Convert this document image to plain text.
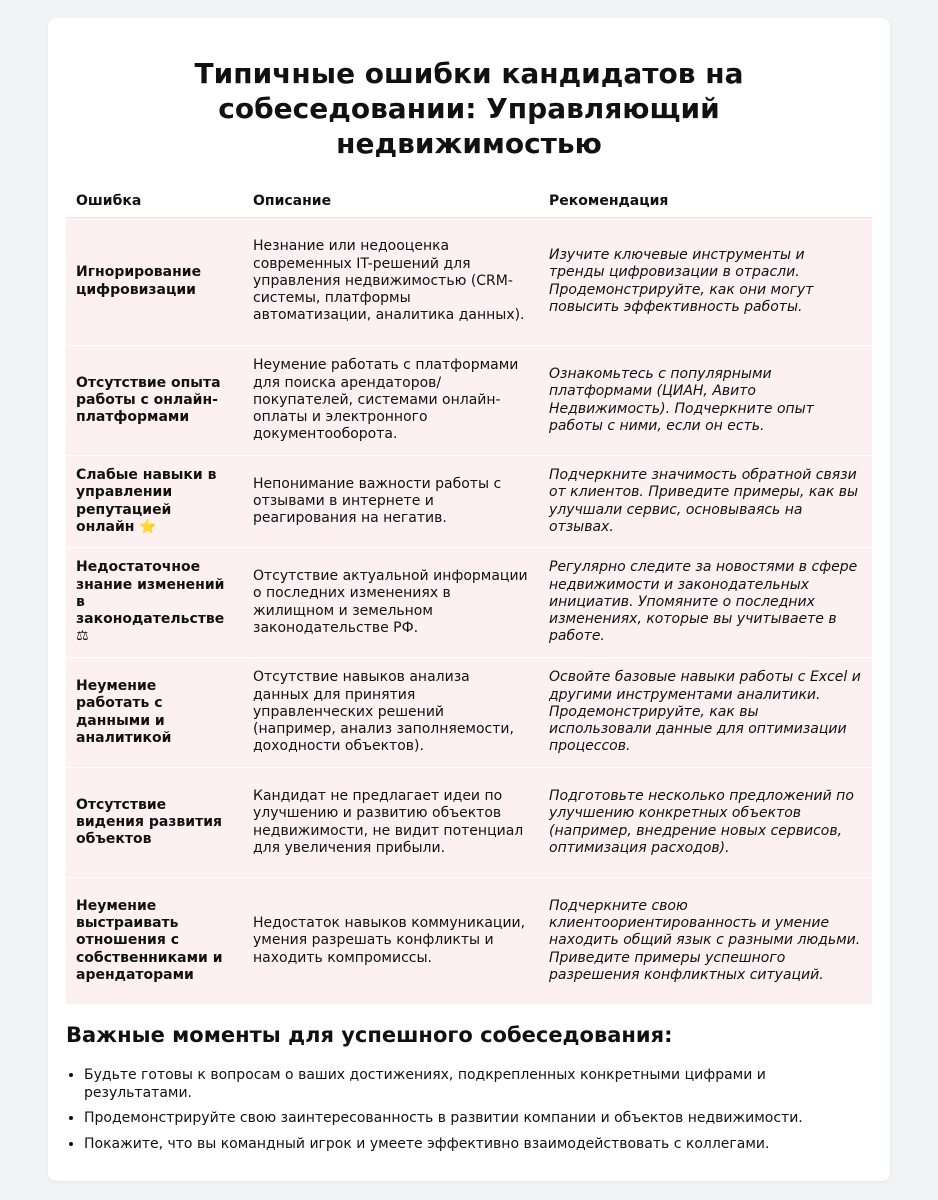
Типичные ошибки кандидатов на собеседовании: Управляющий недвижимостью
Ошибка	Описание	Рекомендация
Игнорирование цифровизации	Незнание или недооценка современных IT-решений для управления недвижимостью (CRM-системы, платформы автоматизации, аналитика данных).	Изучите ключевые инструменты и тренды цифровизации в отрасли. Продемонстрируйте, как они могут повысить эффективность работы.
Отсутствие опыта работы с онлайн-платформами	Неумение работать с платформами для поиска арендаторов/покупателей, системами онлайн-оплаты и электронного документооборота.	Ознакомьтесь с популярными платформами (ЦИАН, Авито Недвижимость). Подчеркните опыт работы с ними, если он есть.
Слабые навыки в управлении репутацией онлайн ⭐	Непонимание важности работы с отзывами в интернете и реагирования на негатив.	Подчеркните значимость обратной связи от клиентов. Приведите примеры, как вы улучшали сервис, основываясь на отзывах.
Недостаточное знание изменений в законодательстве ⚖	Отсутствие актуальной информации о последних изменениях в жилищном и земельном законодательстве РФ.	Регулярно следите за новостями в сфере недвижимости и законодательных инициатив. Упомяните о последних изменениях, которые вы учитываете в работе.
Неумение работать с данными и аналитикой	Отсутствие навыков анализа данных для принятия управленческих решений (например, анализ заполняемости, доходности объектов).	Освойте базовые навыки работы с Excel и другими инструментами аналитики. Продемонстрируйте, как вы использовали данные для оптимизации процессов.
Отсутствие видения развития объектов	Кандидат не предлагает идеи по улучшению и развитию объектов недвижимости, не видит потенциал для увеличения прибыли.	Подготовьте несколько предложений по улучшению конкретных объектов (например, внедрение новых сервисов, оптимизация расходов).
Неумение выстраивать отношения с собственниками и арендаторами	Недостаток навыков коммуникации, умения разрешать конфликты и находить компромиссы.	Подчеркните свою клиентоориентированность и умение находить общий язык с разными людьми. Приведите примеры успешного разрешения конфликтных ситуаций.
Важные моменты для успешного собеседования:
• Будьте готовы к вопросам о ваших достижениях, подкрепленных конкретными цифрами и результатами.
• Продемонстрируйте свою заинтересованность в развитии компании и объектов недвижимости.
• Покажите, что вы командный игрок и умеете эффективно взаимодействовать с коллегами.
